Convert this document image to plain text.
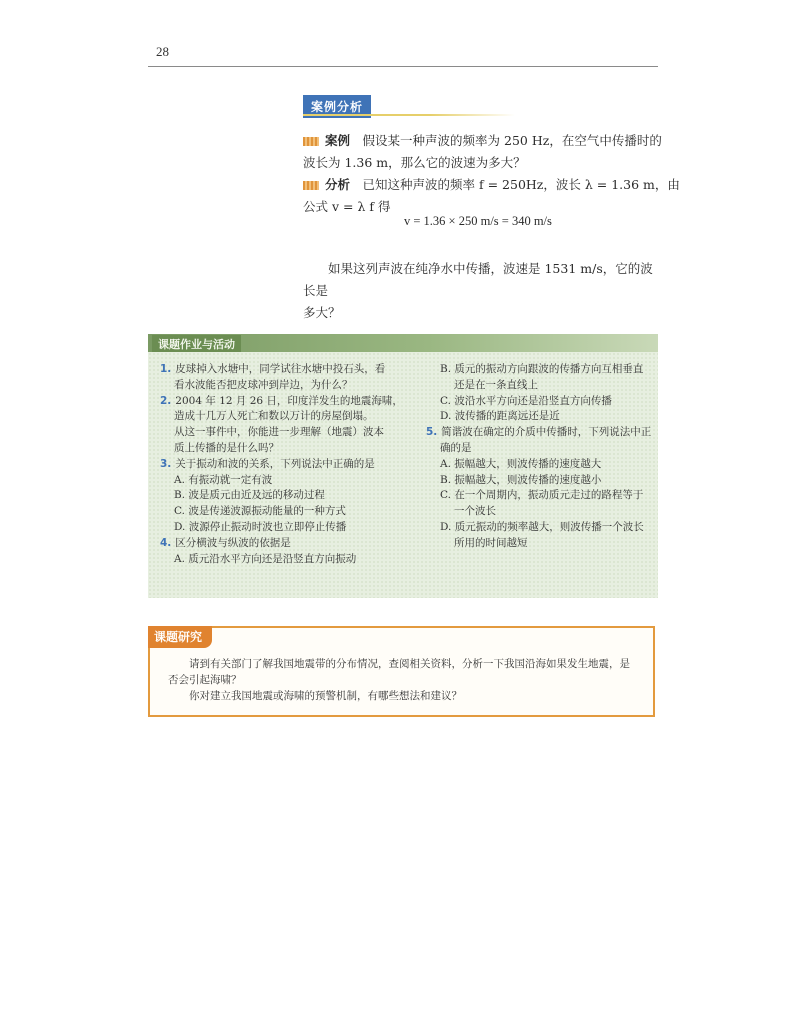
28
案例分析
案例　 假设某一种声波的频率为 250 Hz，在空气中传播时的
波长为 1.36 m，那么它的波速为多大？
分析　 已知这种声波的频率 f = 250Hz，波长 λ = 1.36 m，由
公式 v = λ f 得
v = 1.36 × 250 m/s = 340 m/s
如果这列声波在纯净水中传播，波速是 1531 m/s，它的波长是
多大？
课题作业与活动
1. 皮球掉入水塘中，同学试往水塘中投石头，看
看水波能否把皮球冲到岸边，为什么？
2. 2004 年 12 月 26 日，印度洋发生的地震海啸，
造成十几万人死亡和数以万计的房屋倒塌。
从这一事件中，你能进一步理解（地震）波本
质上传播的是什么吗？
3. 关于振动和波的关系，下列说法中正确的是
A. 有振动就一定有波
B. 波是质元由近及远的移动过程
C. 波是传递波源振动能量的一种方式
D. 波源停止振动时波也立即停止传播
4. 区分横波与纵波的依据是
A. 质元沿水平方向还是沿竖直方向振动
B. 质元的振动方向跟波的传播方向互相垂直
还是在一条直线上
C. 波沿水平方向还是沿竖直方向传播
D. 波传播的距离远还是近
5. 简谐波在确定的介质中传播时，下列说法中正
确的是
A. 振幅越大，则波传播的速度越大
B. 振幅越大，则波传播的速度越小
C. 在一个周期内，振动质元走过的路程等于
一个波长
D. 质元振动的频率越大，则波传播一个波长
所用的时间越短
课题研究
请到有关部门了解我国地震带的分布情况，查阅相关资料，分析一下我国沿海如果发生地震，是
否会引起海啸？
你对建立我国地震或海啸的预警机制，有哪些想法和建议？
